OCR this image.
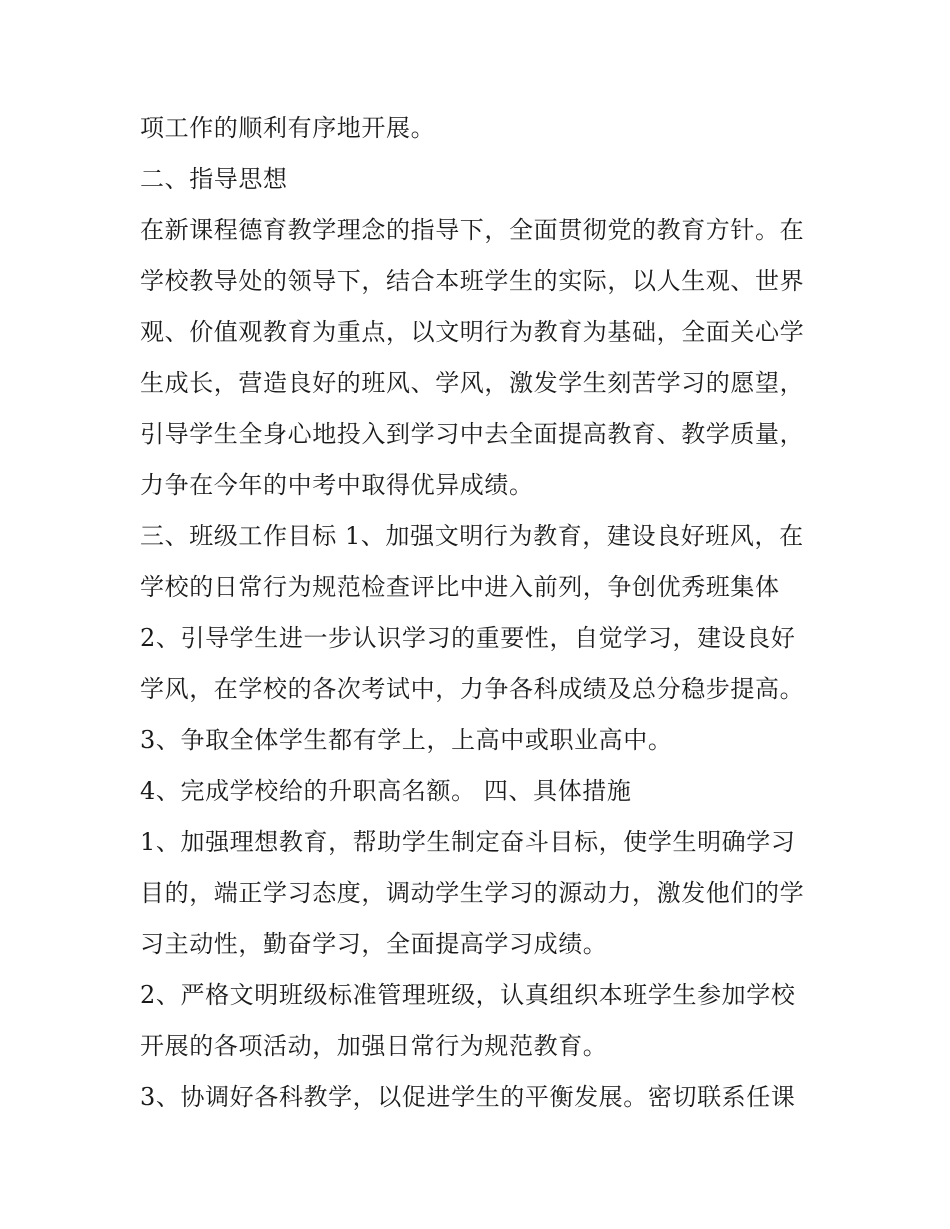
项工作的顺利有序地开展。
二、指导思想
在新课程德育教学理念的指导下，全面贯彻党的教育方针。在
学校教导处的领导下，结合本班学生的实际，以人生观、世界
观、价值观教育为重点，以文明行为教育为基础，全面关心学
生成长，营造良好的班风、学风，激发学生刻苦学习的愿望，
引导学生全身心地投入到学习中去全面提高教育、教学质量，
力争在今年的中考中取得优异成绩。
三、班级工作目标 1、加强文明行为教育，建设良好班风，在
学校的日常行为规范检查评比中进入前列，争创优秀班集体
2、引导学生进一步认识学习的重要性，自觉学习，建设良好
学风，在学校的各次考试中，力争各科成绩及总分稳步提高。
3、争取全体学生都有学上，上高中或职业高中。
4、完成学校给的升职高名额。 四、具体措施
1、加强理想教育，帮助学生制定奋斗目标，使学生明确学习
目的，端正学习态度，调动学生学习的源动力，激发他们的学
习主动性，勤奋学习，全面提高学习成绩。
2、严格文明班级标准管理班级，认真组织本班学生参加学校
开展的各项活动，加强日常行为规范教育。
3、协调好各科教学，以促进学生的平衡发展。密切联系任课
